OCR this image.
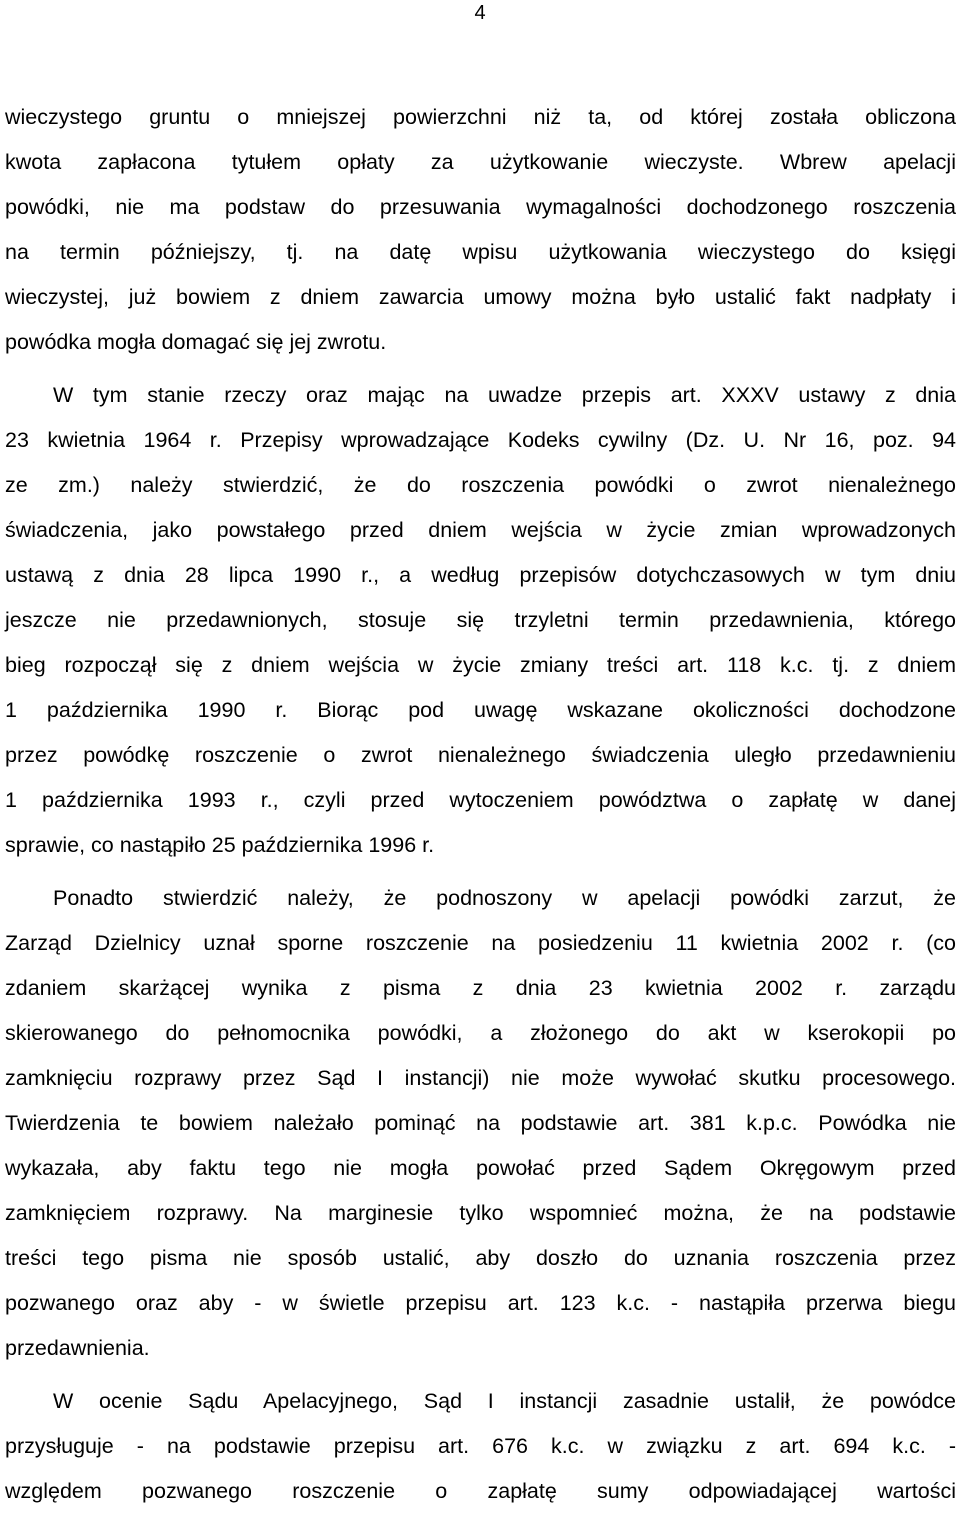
4
wieczystego gruntu o mniejszej powierzchni niż ta, od której została obliczona
kwota zapłacona tytułem opłaty za użytkowanie wieczyste. Wbrew apelacji
powódki, nie ma podstaw do przesuwania wymagalności dochodzonego roszczenia
na termin późniejszy, tj. na datę wpisu użytkowania wieczystego do księgi
wieczystej, już bowiem z dniem zawarcia umowy można było ustalić fakt nadpłaty i
powódka mogła domagać się jej zwrotu.
W tym stanie rzeczy oraz mając na uwadze przepis art. XXXV ustawy z dnia
23 kwietnia 1964 r. Przepisy wprowadzające Kodeks cywilny (Dz. U. Nr 16, poz. 94
ze zm.) należy stwierdzić, że do roszczenia powódki o zwrot nienależnego
świadczenia, jako powstałego przed dniem wejścia w życie zmian wprowadzonych
ustawą z dnia 28 lipca 1990 r., a według przepisów dotychczasowych w tym dniu
jeszcze nie przedawnionych, stosuje się trzyletni termin przedawnienia, którego
bieg rozpoczął się z dniem wejścia w życie zmiany treści art. 118 k.c. tj. z dniem
1 października 1990 r. Biorąc pod uwagę wskazane okoliczności dochodzone
przez powódkę roszczenie o zwrot nienależnego świadczenia uległo przedawnieniu
1 października 1993 r., czyli przed wytoczeniem powództwa o zapłatę w danej
sprawie, co nastąpiło 25 października 1996 r.
Ponadto stwierdzić należy, że podnoszony w apelacji powódki zarzut, że
Zarząd Dzielnicy uznał sporne roszczenie na posiedzeniu 11 kwietnia 2002 r. (co
zdaniem skarżącej wynika z pisma z dnia 23 kwietnia 2002 r. zarządu
skierowanego do pełnomocnika powódki, a złożonego do akt w kserokopii po
zamknięciu rozprawy przez Sąd I instancji) nie może wywołać skutku procesowego.
Twierdzenia te bowiem należało pominąć na podstawie art. 381 k.p.c. Powódka nie
wykazała, aby faktu tego nie mogła powołać przed Sądem Okręgowym przed
zamknięciem rozprawy. Na marginesie tylko wspomnieć można, że na podstawie
treści tego pisma nie sposób ustalić, aby doszło do uznania roszczenia przez
pozwanego oraz aby - w świetle przepisu art. 123 k.c. - nastąpiła przerwa biegu
przedawnienia.
W ocenie Sądu Apelacyjnego, Sąd I instancji zasadnie ustalił, że powódce
przysługuje - na podstawie przepisu art. 676 k.c. w związku z art. 694 k.c. -
względem pozwanego roszczenie o zapłatę sumy odpowiadającej wartości
